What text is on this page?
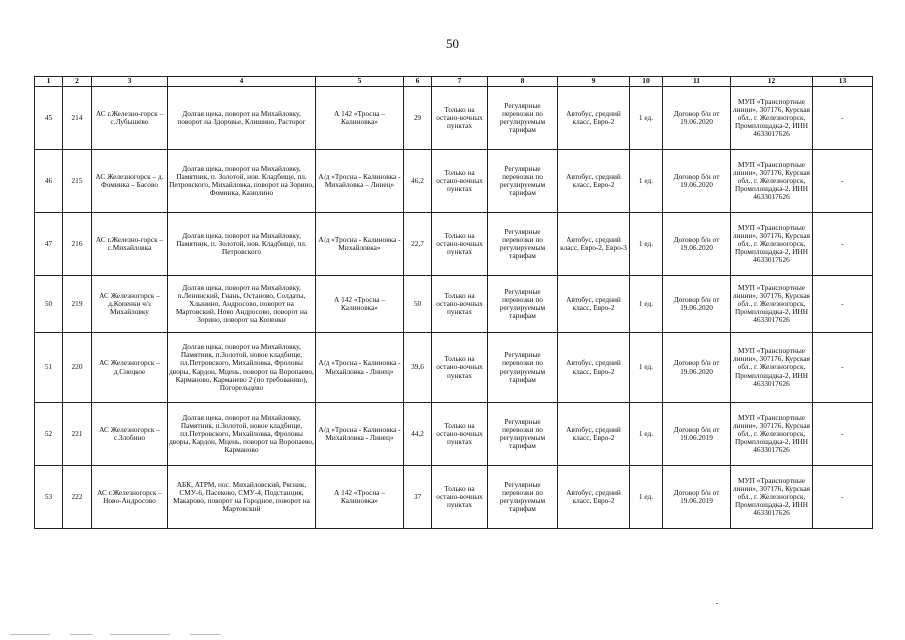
50
1	2	3	4	5	6	7	8	9	10	11	12	13
45	214	АС г.Железно-горск – с.Лубышево	Долгая щека, поворот на Михайловку, поворот на Здоровье, Клишино, Расторог	А 142 «Тросна – Калиновка»	29	Только на остано-вочных пунктах	Регулярные перевозки по регулируемым тарифам	Автобус, средний класс, Евро-2	1 ед.	Договор б/н от 19.06.2020	МУП «Транспортные линии», 307176, Курская обл., г. Железногорск, Промплощадка-2, ИНН 4633017626	-
46	215	АС Железногорск – д. Фоминка – Басово	Долгая щека, поворот на Михайловку, Памятник, п. Золотой, нов. Кладбище, пл. Петровского, Михайловка, поворот на Зорино, Фоминка, Казюлино	А/д «Тросна - Калиновка - Михайловка – Линец»	46,2	Только на остано-вочных пунктах	Регулярные перевозки по регулируемым тарифам	Автобус, средний класс, Евро-2	1 ед.	Договор б/н от 19.06.2020	МУП «Транспортные линии», 307176, Курская обл., г. Железногорск, Промплощадка-2, ИНН 4633017626	-
47	216	АС г.Железно-горск – с.Михайловка	Долгая щека, поворот на Михайловку, Памятник, п. Золотой, нов. Кладбище, пл. Петровского	А/д «Тросна - Калиновка - Михайловка»	22,7	Только на остано-вочных пунктах	Регулярные перевозки по регулируемым тарифам	Автобус, средний класс, Евро-2, Евро-3	1 ед.	Договор б/н от 19.06.2020	МУП «Транспортные линии», 307176, Курская обл., г. Железногорск, Промплощадка-2, ИНН 4633017626	-
50	219	АС Железногорск – д.Копенки ч/з Михайловку	Долгая щека, поворот на Михайловку, п.Ленинский, Гнань, Останово, Солдаты, Хлынино, Андросово, поворот на Мартовский, Ново Андросово, поворот на Зорино, поворот на Копенки	А 142 «Тросна – Калиновка»	50	Только на остано-вочных пунктах	Регулярные перевозки по регулируемым тарифам	Автобус, средний класс, Евро-2	1 ед.	Договор б/н от 19.06.2020	МУП «Транспортные линии», 307176, Курская обл., г. Железногорск, Промплощадка-2, ИНН 4633017626	-
51	220	АС Железногорск – д.Снецкое	Долгая щека, поворот на Михайловку, Памятник, п.Золотой, новое кладбище, пл.Петровского, Михайловка, Фроловы дворы, Кардон, Мцень, поворот на Воропаево, Карманово, Карманево 2 (по требованию), Погорельцево	А/д «Тросна - Калиновка - Михайловка - Линец»	39,6	Только на остано-вочных пунктах	Регулярные перевозки по регулируемым тарифам	Автобус, средний класс, Евро-2	1 ед.	Договор б/н от 19.06.2020	МУП «Транспортные линии», 307176, Курская обл., г. Железногорск, Промплощадка-2, ИНН 4633017626	-
52	221	АС Железногорск – с.Злобино	Долгая щека, поворот на Михайловку, Памятник, п.Золотой, новое кладбище, пл.Петровского, Михайловка, Фроловы дворы, Кардон, Мцень, поворот на Воропаево, Карманово	А/д «Тросна - Калиновка - Михайловка - Линец»	44,2	Только на остано-вочных пунктах	Регулярные перевозки по регулируемым тарифам	Автобус, средний класс, Евро-2	1 ед.	Договор б/н от 19.06.2019	МУП «Транспортные линии», 307176, Курская обл., г. Железногорск, Промплощадка-2, ИНН 4633017626	-
53	222	АС г.Железногорск – Ново-Андросово	АБК, АТРМ, пос. Михайловский, Рясник, СМУ-6, Пасеково, СМУ-4, Подстанция, Макарово, поворот на Городное, поворот на Мартовский	А 142 «Тросна – Калиновка»	37	Только на остано-вочных пунктах	Регулярные перевозки по регулируемым тарифам	Автобус, средний класс, Евро-2	1 ед.	Договор б/н от 19.06.2019	МУП «Транспортные линии», 307176, Курская обл., г. Железногорск, Промплощадка-2, ИНН 4633017626	-
